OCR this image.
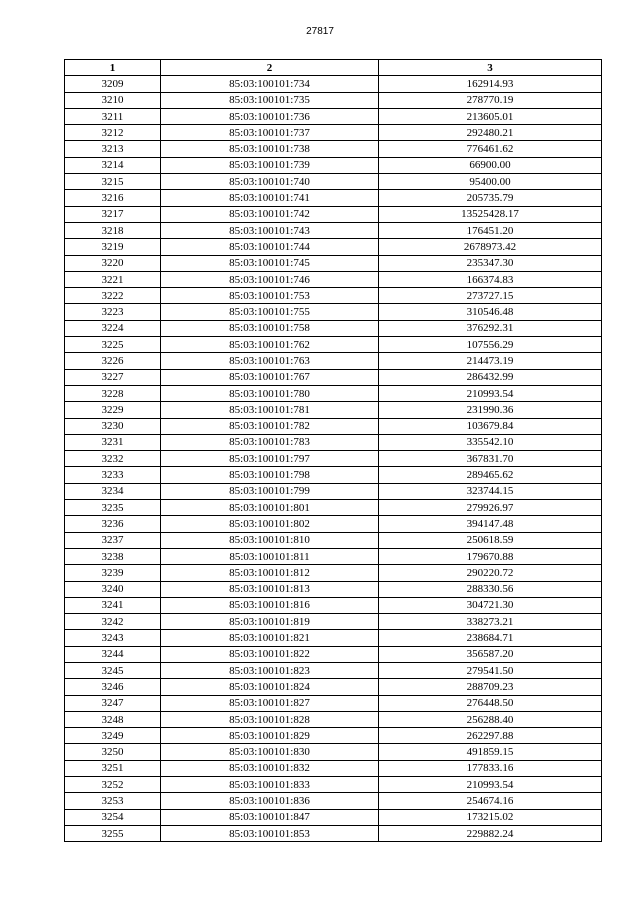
27817
1	2	3
3209	85:03:100101:734	162914.93
3210	85:03:100101:735	278770.19
3211	85:03:100101:736	213605.01
3212	85:03:100101:737	292480.21
3213	85:03:100101:738	776461.62
3214	85:03:100101:739	66900.00
3215	85:03:100101:740	95400.00
3216	85:03:100101:741	205735.79
3217	85:03:100101:742	13525428.17
3218	85:03:100101:743	176451.20
3219	85:03:100101:744	2678973.42
3220	85:03:100101:745	235347.30
3221	85:03:100101:746	166374.83
3222	85:03:100101:753	273727.15
3223	85:03:100101:755	310546.48
3224	85:03:100101:758	376292.31
3225	85:03:100101:762	107556.29
3226	85:03:100101:763	214473.19
3227	85:03:100101:767	286432.99
3228	85:03:100101:780	210993.54
3229	85:03:100101:781	231990.36
3230	85:03:100101:782	103679.84
3231	85:03:100101:783	335542.10
3232	85:03:100101:797	367831.70
3233	85:03:100101:798	289465.62
3234	85:03:100101:799	323744.15
3235	85:03:100101:801	279926.97
3236	85:03:100101:802	394147.48
3237	85:03:100101:810	250618.59
3238	85:03:100101:811	179670.88
3239	85:03:100101:812	290220.72
3240	85:03:100101:813	288330.56
3241	85:03:100101:816	304721.30
3242	85:03:100101:819	338273.21
3243	85:03:100101:821	238684.71
3244	85:03:100101:822	356587.20
3245	85:03:100101:823	279541.50
3246	85:03:100101:824	288709.23
3247	85:03:100101:827	276448.50
3248	85:03:100101:828	256288.40
3249	85:03:100101:829	262297.88
3250	85:03:100101:830	491859.15
3251	85:03:100101:832	177833.16
3252	85:03:100101:833	210993.54
3253	85:03:100101:836	254674.16
3254	85:03:100101:847	173215.02
3255	85:03:100101:853	229882.24
